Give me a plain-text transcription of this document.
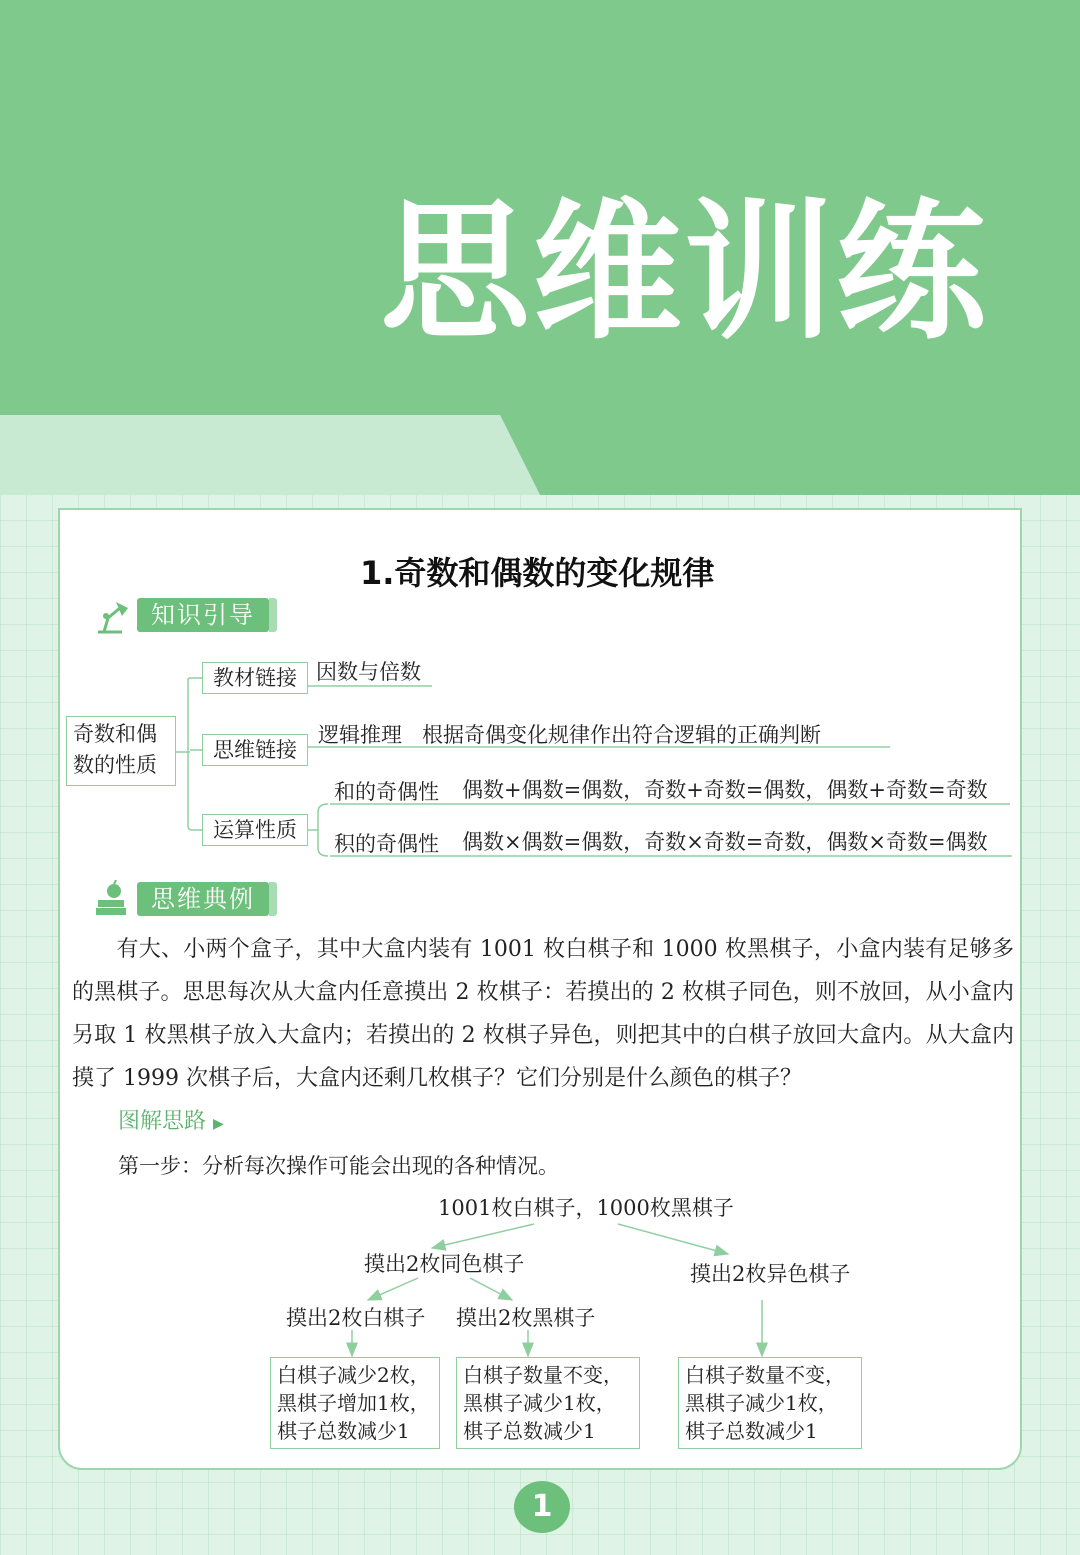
思维训练
1.奇数和偶数的变化规律
知识引导
奇数和偶
数的性质
教材链接 因数与倍数
思维链接
逻辑推理   根据奇偶变化规律作出符合逻辑的正确判断
运算性质
和的奇偶性 偶数+偶数=偶数，奇数+奇数=偶数，偶数+奇数=奇数
积的奇偶性 偶数×偶数=偶数，奇数×奇数=奇数，偶数×奇数=偶数
思维典例

　　有大、小两个盒子，其中大盒内装有 1001 枚白棋子和 1000 枚黑棋子，小盒内装有足够多的黑棋子。思思每次从大盒内任意摸出 2 枚棋子：若摸出的 2 枚棋子同色，则不放回，从小盒内另取 1 枚黑棋子放入大盒内；若摸出的 2 枚棋子异色，则把其中的白棋子放回大盒内。从大盒内摸了 1999 次棋子后，大盒内还剩几枚棋子？它们分别是什么颜色的棋子？

图解思路 ▶
第一步：分析每次操作可能会出现的各种情况。
1001枚白棋子，1000枚黑棋子
摸出2枚同色棋子	摸出2枚异色棋子
摸出2枚白棋子 摸出2枚黑棋子
白棋子减少2枚，
黑棋子增加1枚，
棋子总数减少1
白棋子数量不变，
黑棋子减少1枚，
棋子总数减少1
白棋子数量不变，
黑棋子减少1枚，
棋子总数减少1
1
